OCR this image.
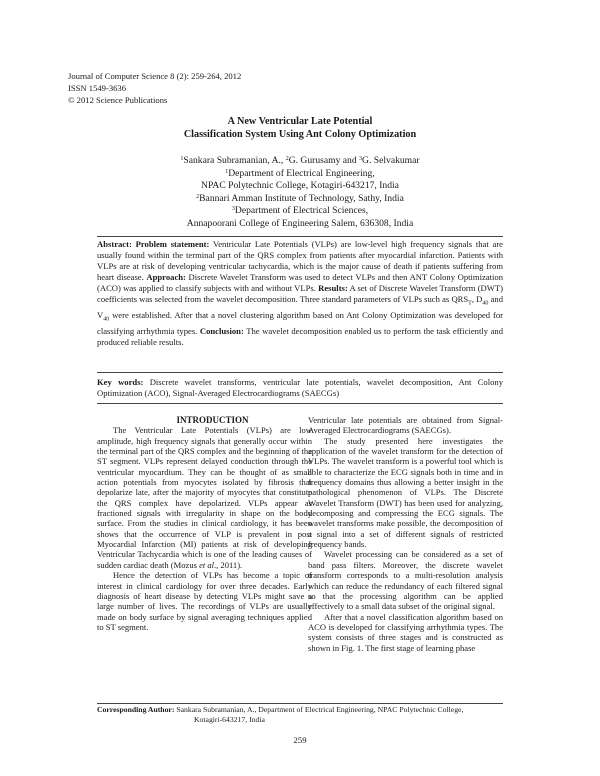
Journal of Computer Science 8 (2): 259-264, 2012
ISSN 1549-3636
© 2012 Science Publications
A New Ventricular Late Potential
Classification System Using Ant Colony Optimization
$^1$Sankara Subramanian, A., $^2$G. Gurusamy and $^3$G. Selvakumar
$^1$Department of Electrical Engineering,
NPAC Polytechnic College, Kotagiri-643217, India
$^2$Bannari Amman Institute of Technology, Sathy, India
$^3$Department of Electrical Sciences,
Annapoorani College of Engineering Salem, 636308, India
Abstract: Problem statement: Ventricular Late Potentials (VLPs) are low-level high frequency signals that are usually found within the terminal part of the QRS complex from patients after myocardial infarction. Patients with VLPs are at risk of developing ventricular tachycardia, which is the major cause of death if patients suffering from heart disease. Approach: Discrete Wavelet Transform was used to detect VLPs and then ANT Colony Optimization (ACO) was applied to classify subjects with and without VLPs. Results: A set of Discrete Wavelet Transform (DWT) coefficients was selected from the wavelet decomposition. Three standard parameters of VLPs such as $QRS_T$, $D_{40}$ and $V_{40}$ were established. After that a novel clustering algorithm based on Ant Colony Optimization was developed for classifying arrhythmia types. Conclusion: The wavelet decomposition enabled us to perform the task efficiently and produced reliable results.
Key words: Discrete wavelet transforms, ventricular late potentials, wavelet decomposition, Ant Colony Optimization (ACO), Signal-Averaged Electrocardiograms (SAECGs)

INTRODUCTION

The Ventricular Late Potentials (VLPs) are low amplitude, high frequency signals that generally occur within the terminal part of the QRS complex and the beginning of the ST segment. VLPs represent delayed conduction through the ventricular myocardium. They can be thought of as small action potentials from myocytes isolated by fibrosis that depolarize late, after the majority of myocytes that constitute the QRS complex have depolarized. VLPs appear as fractioned signals with irregularity in shape on the body surface. From the studies in clinical cardiology, it has been shows that the occurrence of VLP is prevalent in post Myocardial Infarction (MI) patients at risk of developing Ventricular Tachycardia which is one of the leading causes of sudden cardiac death (Mozus et al., 2011).

Hence the detection of VLPs has become a topic of interest in clinical cardiology for over three decades. Early diagnosis of heart disease by detecting VLPs might save a large number of lives. The recordings of VLPs are usually made on body surface by signal averaging techniques applied to ST segment.

Ventricular late potentials are obtained from Signal-Averaged Electrocardiograms (SAECGs).

The study presented here investigates the application of the wavelet transform for the detection of VLPs. The wavelet transform is a powerful tool which is able to characterize the ECG signals both in time and in frequency domains thus allowing a better insight in the pathological phenomenon of VLPs. The Discrete Wavelet Transform (DWT) has been used for analyzing, decomposing and compressing the ECG signals. The wavelet transforms make possible, the decomposition of a signal into a set of different signals of restricted frequency bands.

Wavelet processing can be considered as a set of band pass filters. Moreover, the discrete wavelet transform corresponds to a multi-resolution analysis which can reduce the redundancy of each filtered signal so that the processing algorithm can be applied effectively to a small data subset of the original signal.

After that a novel classification algorithm based on ACO is developed for classifying arrhythmia types. The system consists of three stages and is constructed as shown in Fig. 1. The first stage of learning phase

Corresponding Author: Sankara Subramanian, A., Department of Electrical Engineering, NPAC Polytechnic College,
Kotagiri-643217, India
259
